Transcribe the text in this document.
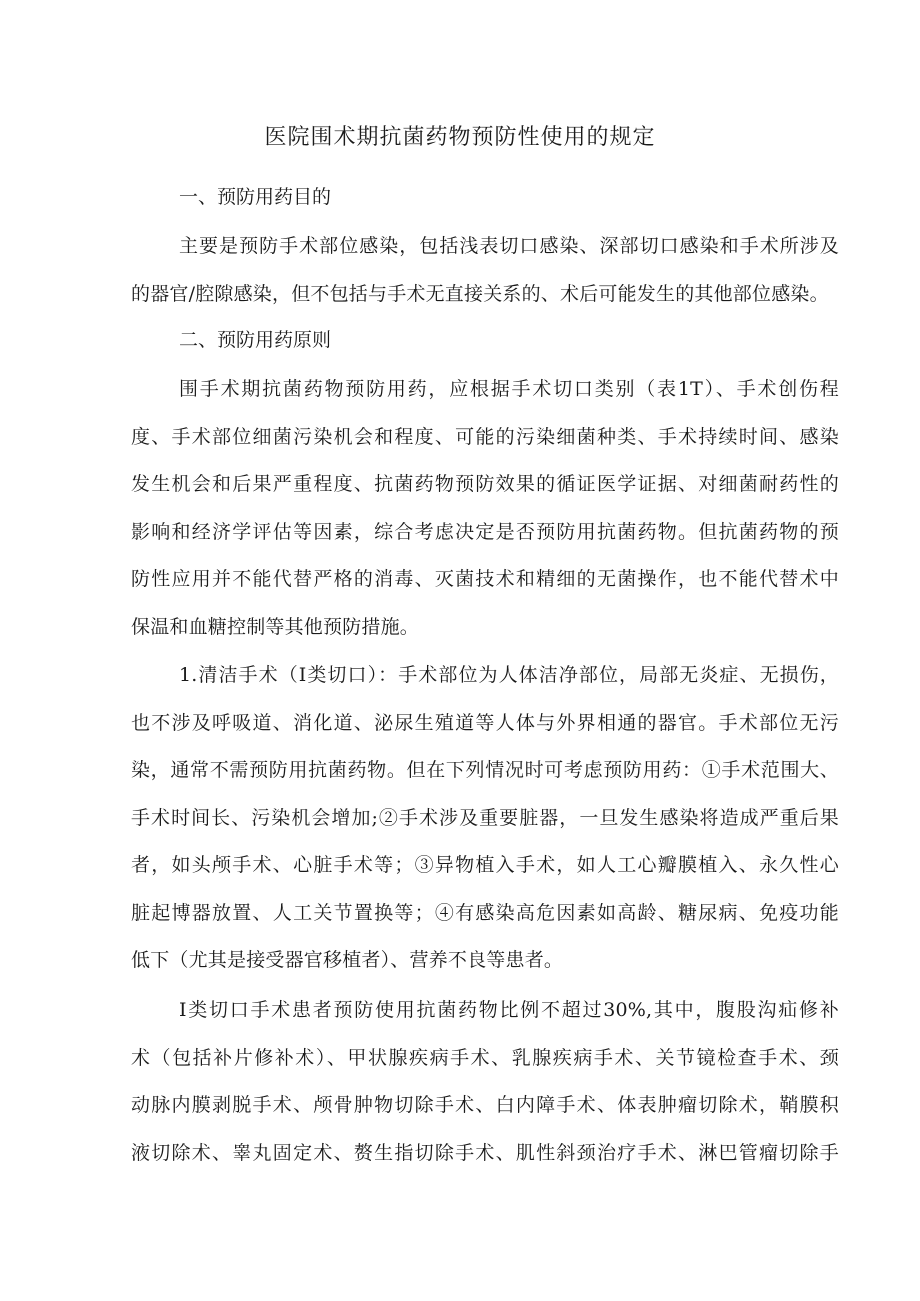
医院围术期抗菌药物预防性使用的规定
一、预防用药目的
主要是预防手术部位感染，包括浅表切口感染、深部切口感染和手术所涉及
的器官/腔隙感染，但不包括与手术无直接关系的、术后可能发生的其他部位感染。
二、预防用药原则
围手术期抗菌药物预防用药，应根据手术切口类别（表1T）、手术创伤程
度、手术部位细菌污染机会和程度、可能的污染细菌种类、手术持续时间、感染
发生机会和后果严重程度、抗菌药物预防效果的循证医学证据、对细菌耐药性的
影响和经济学评估等因素，综合考虑决定是否预防用抗菌药物。但抗菌药物的预
防性应用并不能代替严格的消毒、灭菌技术和精细的无菌操作，也不能代替术中
保温和血糖控制等其他预防措施。
1.清洁手术（I类切口）：手术部位为人体洁净部位，局部无炎症、无损伤，
也不涉及呼吸道、消化道、泌尿生殖道等人体与外界相通的器官。手术部位无污
染，通常不需预防用抗菌药物。但在下列情况时可考虑预防用药：①手术范围大、
手术时间长、污染机会增加;②手术涉及重要脏器，一旦发生感染将造成严重后果
者，如头颅手术、心脏手术等；③异物植入手术，如人工心瓣膜植入、永久性心
脏起博器放置、人工关节置换等；④有感染高危因素如高龄、糖尿病、免疫功能
低下（尤其是接受器官移植者）、营养不良等患者。
I类切口手术患者预防使用抗菌药物比例不超过30%,其中，腹股沟疝修补
术（包括补片修补术）、甲状腺疾病手术、乳腺疾病手术、关节镜检查手术、颈
动脉内膜剥脱手术、颅骨肿物切除手术、白内障手术、体表肿瘤切除术，鞘膜积
液切除术、睾丸固定术、赘生指切除手术、肌性斜颈治疗手术、淋巴管瘤切除手
